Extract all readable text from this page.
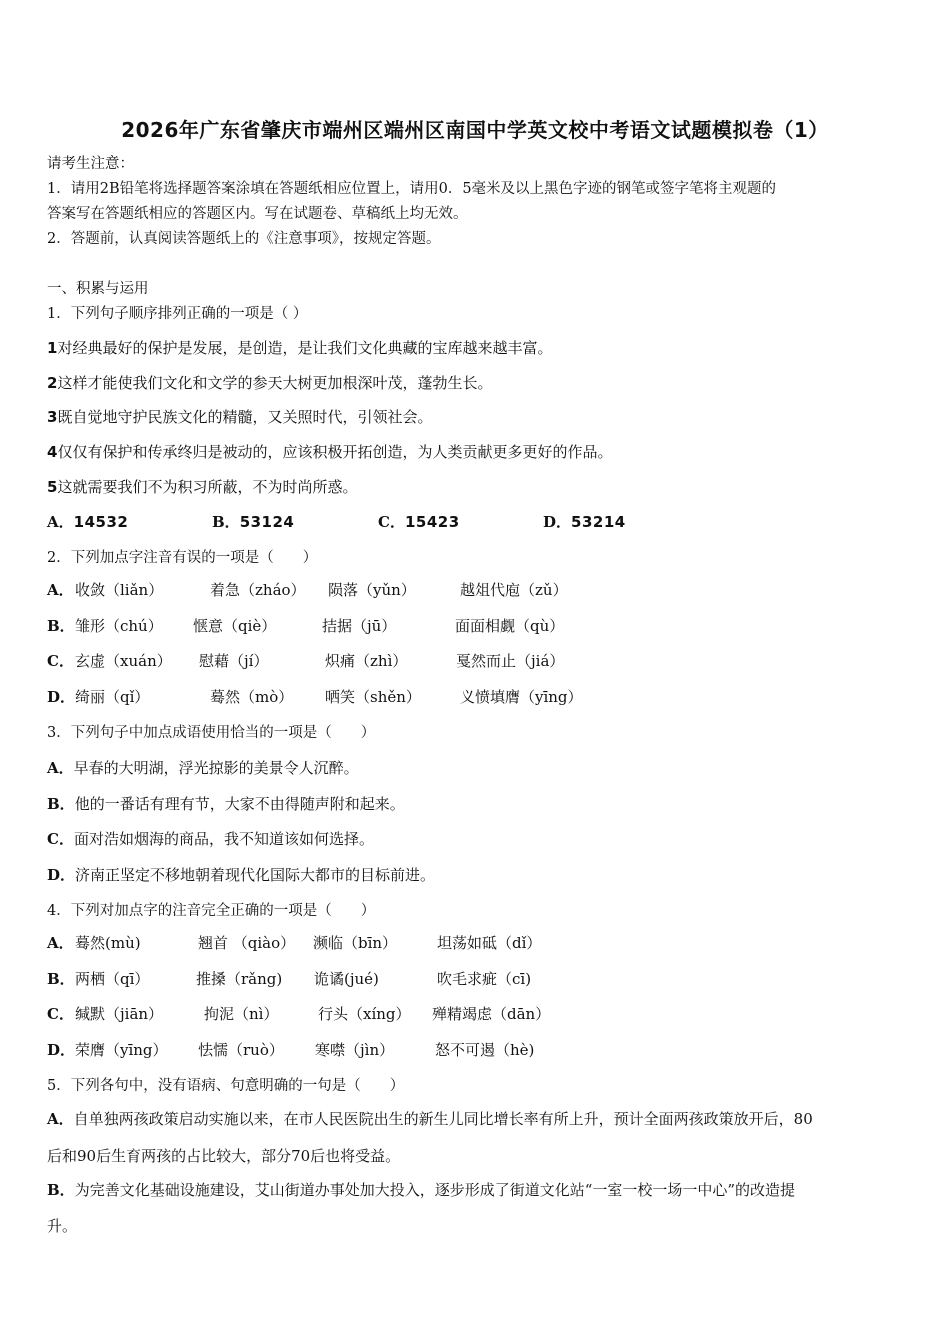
2026年广东省肇庆市端州区端州区南国中学英文校中考语文试题模拟卷（1）
请考生注意：
1．请用2B铅笔将选择题答案涂填在答题纸相应位置上，请用0．5毫米及以上黑色字迹的钢笔或签字笔将主观题的
答案写在答题纸相应的答题区内。写在试题卷、草稿纸上均无效。
2．答题前，认真阅读答题纸上的《注意事项》，按规定答题。
一、积累与运用
1．下列句子顺序排列正确的一项是（ ）
1对经典最好的保护是发展，是创造，是让我们文化典藏的宝库越来越丰富。
2这样才能使我们文化和文学的参天大树更加根深叶茂，蓬勃生长。
3既自觉地守护民族文化的精髓，又关照时代，引领社会。
4仅仅有保护和传承终归是被动的，应该积极开拓创造，为人类贡献更多更好的作品。
5这就需要我们不为积习所蔽，不为时尚所惑。
A．14532	B．53124	C．15423	D．53214
2．下列加点字注音有误的一项是（　　）
A． 收敛（liǎn）	着急（zháo） 陨落（yǔn）	越俎代庖（zǔ）
B． 雏形（chú） 惬意（qiè）	拮据（jū）	面面相觑（qù）
C． 玄虚（xuán） 慰藉（jí）	炽痛（zhì）	戛然而止（jiá）
D． 绮丽（qǐ）	蓦然（mò） 哂笑（shěn）	义愤填膺（yīng）
3．下列句子中加点成语使用恰当的一项是（　　）
A．早春的大明湖，浮光掠影的美景令人沉醉。
B．他的一番话有理有节，大家不由得随声附和起来。
C．面对浩如烟海的商品，我不知道该如何选择。
D．济南正坚定不移地朝着现代化国际大都市的目标前进。
4．下列对加点字的注音完全正确的一项是（　　）
A． 蓦然(mù)	翘首 （qiào） 濒临（bīn）	坦荡如砥（dǐ）
B． 两栖（qī）	推搡（rǎng) 诡谲(jué)	吹毛求疵（cī)
C． 缄默（jiān）	拘泥（nì）	行头（xíng） 殚精竭虑（dān）
D． 荣膺（yīng） 怯懦（ruò） 寒噤（jìn）	怒不可遏（hè)
5．下列各句中，没有语病、句意明确的一句是（　　）
A．自单独两孩政策启动实施以来，在市人民医院出生的新生儿同比增长率有所上升，预计全面两孩政策放开后，80
后和90后生育两孩的占比较大，部分70后也将受益。
B．为完善文化基础设施建设，艾山街道办事处加大投入，逐步形成了街道文化站“一室一校一场一中心”的改造提
升。
